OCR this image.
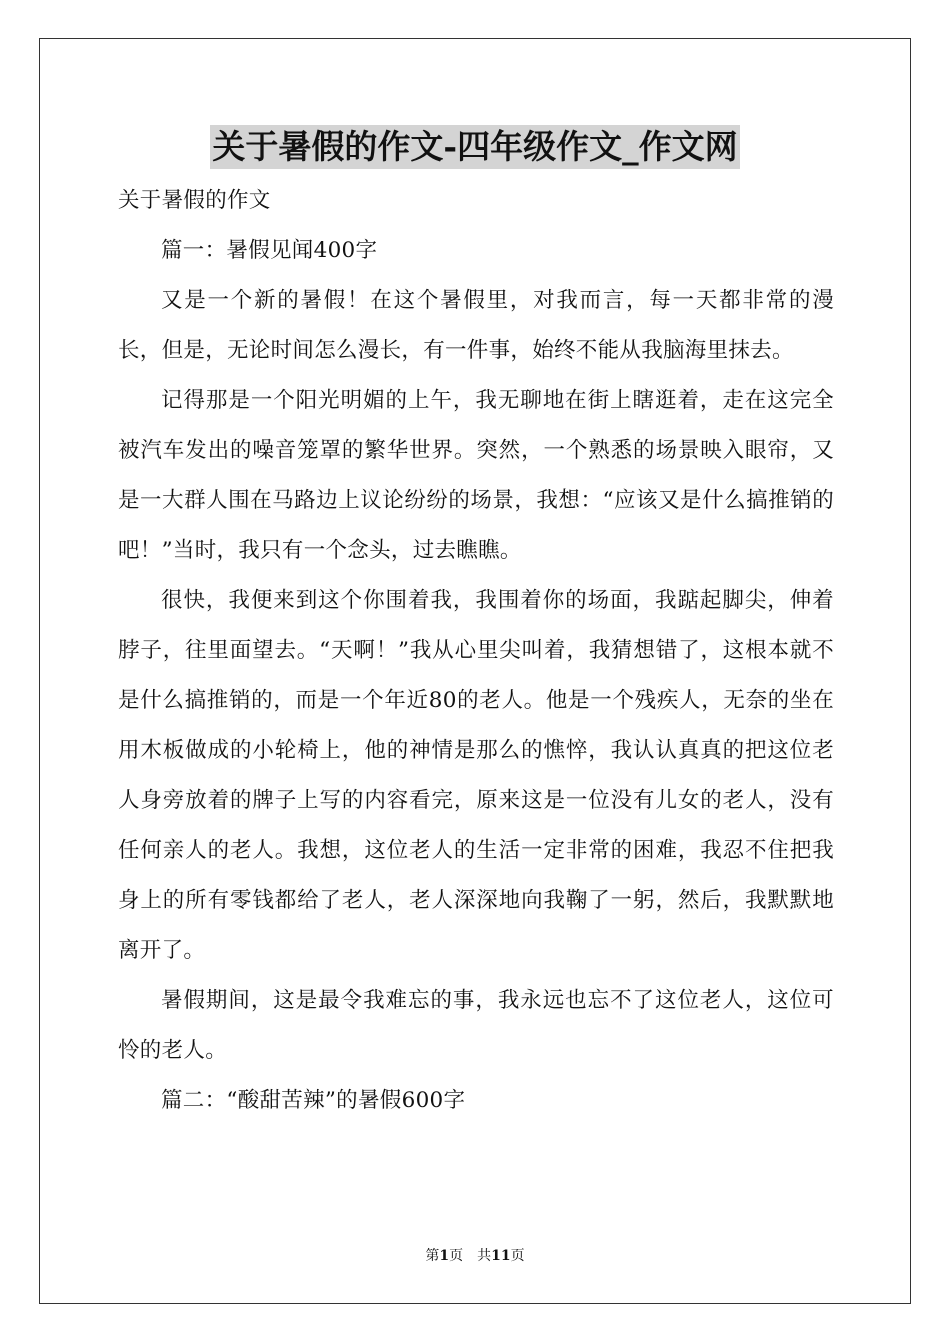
关于暑假的作文-四年级作文_作文网

关于暑假的作文

篇一：暑假见闻400字

又是一个新的暑假！在这个暑假里，对我而言，每一天都非常的漫长，但是，无论时间怎么漫长，有一件事，始终不能从我脑海里抹去。

记得那是一个阳光明媚的上午，我无聊地在街上瞎逛着，走在这完全被汽车发出的噪音笼罩的繁华世界。突然，一个熟悉的场景映入眼帘，又是一大群人围在马路边上议论纷纷的场景，我想：“应该又是什么搞推销的吧！”当时，我只有一个念头，过去瞧瞧。

很快，我便来到这个你围着我，我围着你的场面，我踮起脚尖，伸着脖子，往里面望去。“天啊！”我从心里尖叫着，我猜想错了，这根本就不是什么搞推销的，而是一个年近80的老人。他是一个残疾人，无奈的坐在用木板做成的小轮椅上，他的神情是那么的憔悴，我认认真真的把这位老人身旁放着的牌子上写的内容看完，原来这是一位没有儿女的老人，没有任何亲人的老人。我想，这位老人的生活一定非常的困难，我忍不住把我身上的所有零钱都给了老人，老人深深地向我鞠了一躬，然后，我默默地离开了。

暑假期间，这是最令我难忘的事，我永远也忘不了这位老人，这位可怜的老人。

篇二：“酸甜苦辣”的暑假600字

第1页　共11页
